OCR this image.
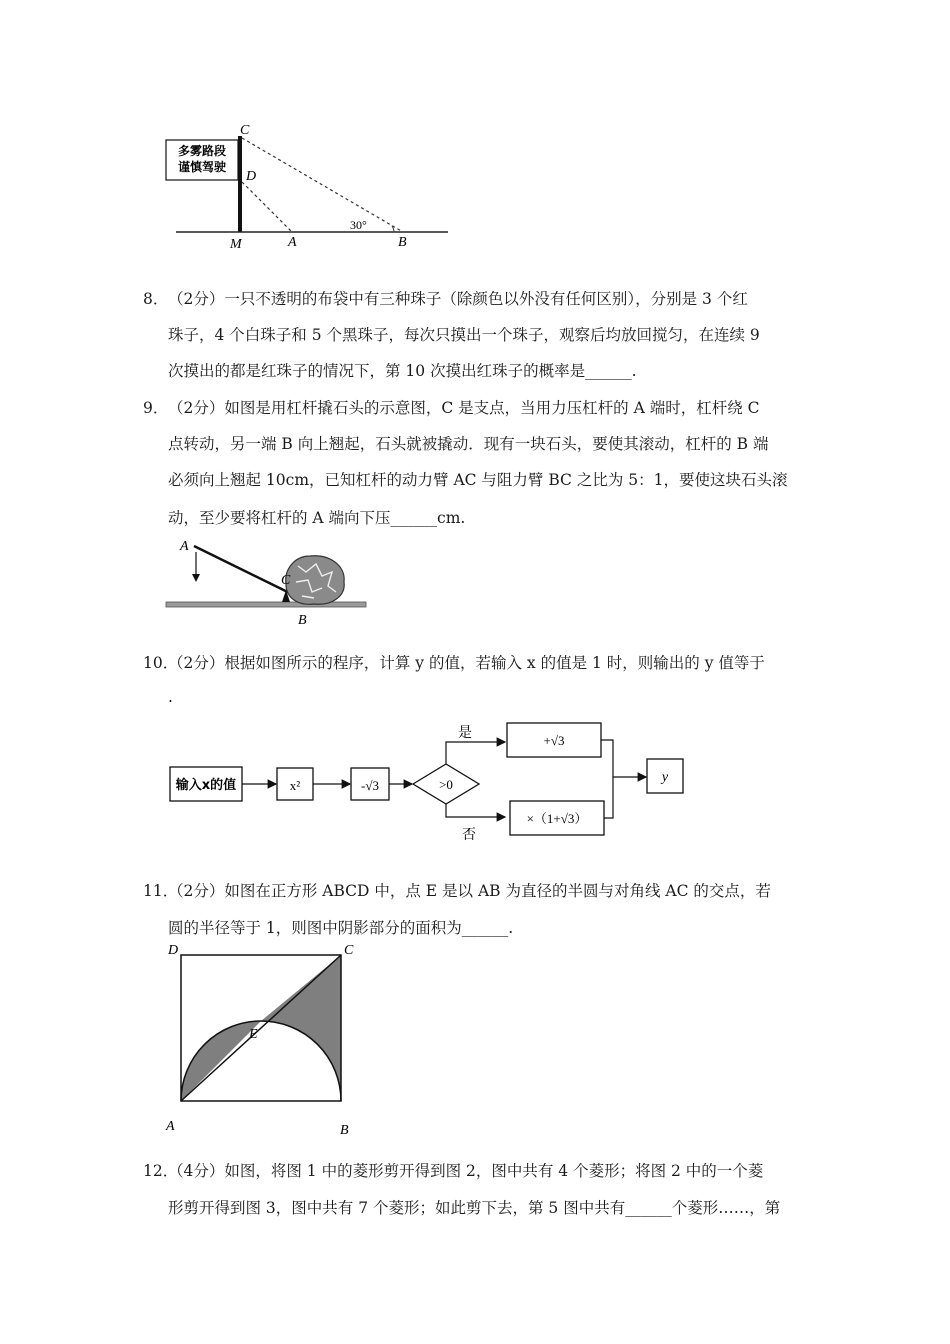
多雾路段
谨慎驾驶
30°
C
D
M	A	B
8． （2分）一只不透明的布袋中有三种珠子（除颜色以外没有任何区别），分别是 3 个红
珠子，4 个白珠子和 5 个黑珠子，每次只摸出一个珠子，观察后均放回搅匀，在连续 9
次摸出的都是红珠子的情况下，第 10 次摸出红珠子的概率是______.
9． （2分）如图是用杠杆撬石头的示意图，C 是支点，当用力压杠杆的 A 端时，杠杆绕 C
点转动，另一端 B 向上翘起，石头就被撬动．现有一块石头，要使其滚动，杠杆的 B 端
必须向上翘起 10cm，已知杠杆的动力臂 AC 与阻力臂 BC 之比为 5：1，要使这块石头滚
动，至少要将杠杆的 A 端向下压______cm.
A
C
B
10．
（2分）根据如图所示的程序，计算 y 的值，若输入 x 的值是 1 时，则输出的 y 值等于
.
输入x的值	x²	-√3	>0
是
否
+√3
×（1+√3）
y
11．
（2分）如图在正方形 ABCD 中，点 E 是以 AB 为直径的半圆与对角线 AC 的交点，若
圆的半径等于 1，则图中阴影部分的面积为______.
D	C
E
A	B
12．
（4分）如图，将图 1 中的菱形剪开得到图 2，图中共有 4 个菱形；将图 2 中的一个菱
形剪开得到图 3，图中共有 7 个菱形；如此剪下去，第 5 图中共有______个菱形……，第
